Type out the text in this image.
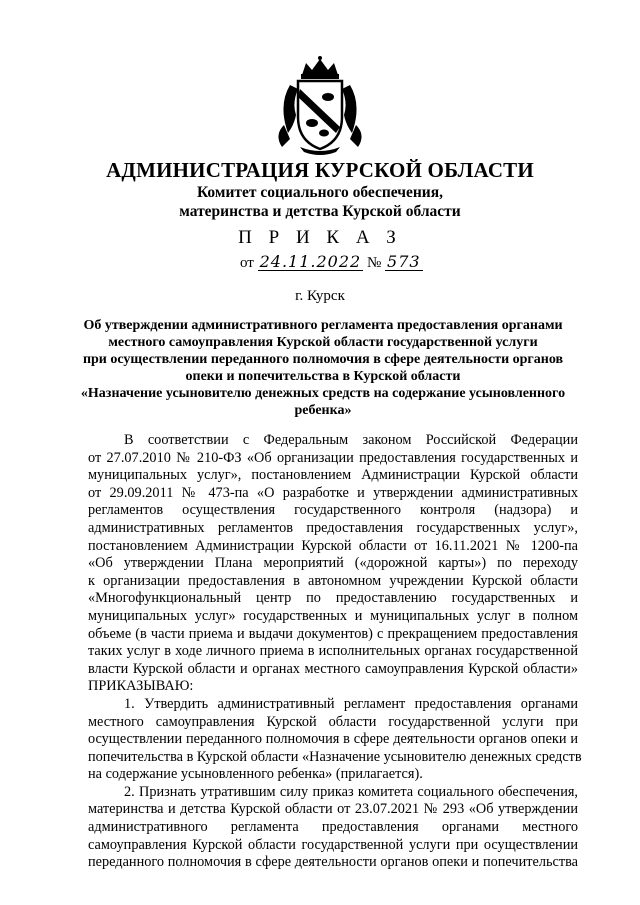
АДМИНИСТРАЦИЯ КУРСКОЙ ОБЛАСТИ
Комитет социального обеспечения,
материнства и детства Курской области
П Р И К А З
от 24.11.2022 № 573
г. Курск
Об утверждении административного регламента предоставления органами
местного самоуправления Курской области государственной услуги
при осуществлении переданного полномочия в сфере деятельности органов
опеки и попечительства в Курской области
«Назначение усыновителю денежных средств на содержание усыновленного
ребенка»
В соответствии с Федеральным законом Российской Федерации
от 27.07.2010 № 210-ФЗ «Об организации предоставления государственных и
муниципальных услуг», постановлением Администрации Курской области
от 29.09.2011 № 473-па «О разработке и утверждении административных
регламентов осуществления государственного контроля (надзора) и
административных регламентов предоставления государственных услуг»,
постановлением Администрации Курской области от 16.11.2021 № 1200-па
«Об утверждении Плана мероприятий («дорожной карты») по переходу
к организации предоставления в автономном учреждении Курской области
«Многофункциональный центр по предоставлению государственных и
муниципальных услуг» государственных и муниципальных услуг в полном
объеме (в части приема и выдачи документов) с прекращением предоставления
таких услуг в ходе личного приема в исполнительных органах государственной
власти Курской области и органах местного самоуправления Курской области»
ПРИКАЗЫВАЮ:
1. Утвердить административный регламент предоставления органами
местного самоуправления Курской области государственной услуги при
осуществлении переданного полномочия в сфере деятельности органов опеки и
попечительства в Курской области «Назначение усыновителю денежных средств
на содержание усыновленного ребенка» (прилагается).
2. Признать утратившим силу приказ комитета социального обеспечения,
материнства и детства Курской области от 23.07.2021 № 293 «Об утверждении
административного регламента предоставления органами местного
самоуправления Курской области государственной услуги при осуществлении
переданного полномочия в сфере деятельности органов опеки и попечительства
